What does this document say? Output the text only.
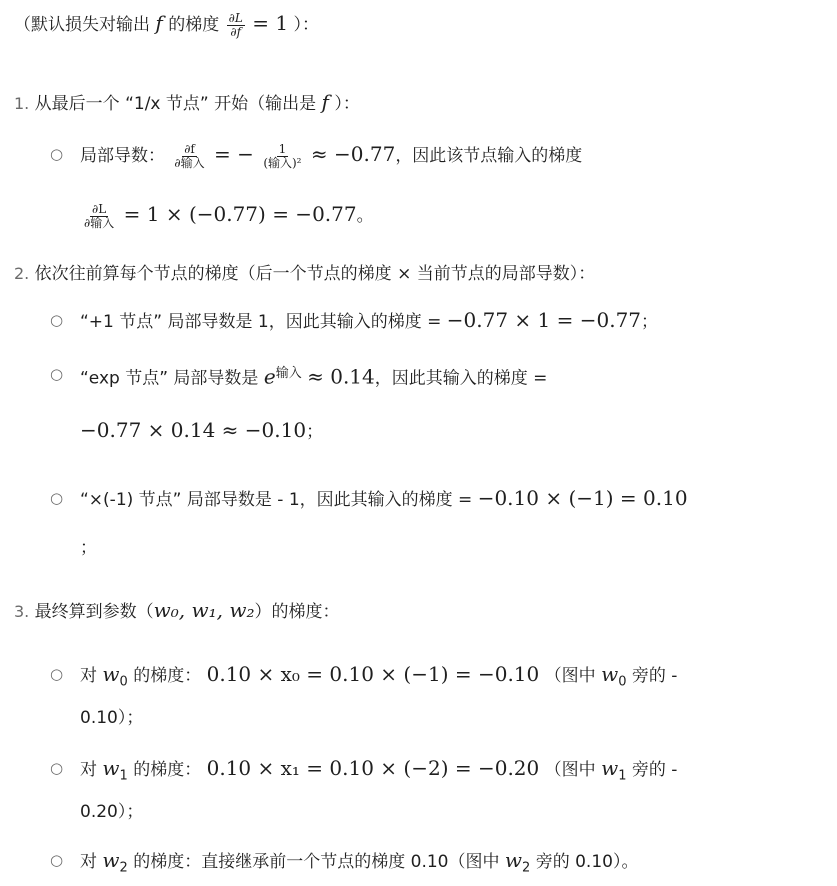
（默认损失对输出 f 的梯度 $\frac{\partial L}{\partial f} = 1$ ）：
1. 从最后一个 “1/x 节点” 开始（输出是 f ）：
○ 局部导数： $\frac{\partial f}{\text{∂输入}}$ = − $\frac{1}{\text{(输入)²}} \approx -0.77$，因此该节点输入的梯度
$\frac{\partial L}{\text{∂输入}} = 1 \times (-0.77) = -0.77$。
2. 依次往前算每个节点的梯度（后一个节点的梯度 × 当前节点的局部导数）：
○ “+1 节点” 局部导数是 1，因此其输入的梯度 = −0.77 × 1 = −0.77；
○ “exp 节点” 局部导数是 $e^{输入} \approx 0.14$，因此其输入的梯度 =
−0.77 × 0.14 ≈ −0.10；
○ “×(-1) 节点” 局部导数是 - 1，因此其输入的梯度 = −0.10 × (−1) = 0.10
；
3. 最终算到参数（w₀, w₁, w₂）的梯度：
○ 对 $w_0$ 的梯度： 0.10 × x₀ = 0.10 × (−1) = −0.10 （图中 $w_0$ 旁的 -
0.10）；
○ 对 $w_1$ 的梯度： 0.10 × x₁ = 0.10 × (−2) = −0.20 （图中 $w_1$ 旁的 -
0.20）；
○ 对 $w_2$ 的梯度：直接继承前一个节点的梯度 0.10（图中 $w_2$ 旁的 0.10）。
